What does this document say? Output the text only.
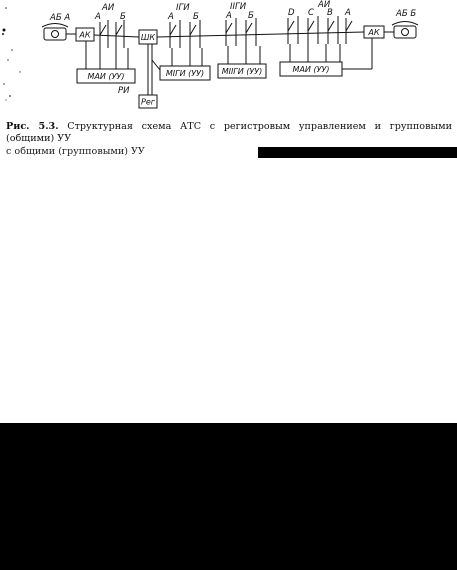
АБ А	АБ Б
АИ
А Б
IГИ
А Б
IIГИ
А Б
АИ
D С В А
РИ
АК	ШК
АК
МАИ (УУ)	МIГИ (УУ) МIIГИ (УУ)	МАИ (УУ)
Рег
Рис. 5.3. Структурная схема АТС с регистровым управлением и групповыми (общими) УУ
с общими (групповыми) УУ
